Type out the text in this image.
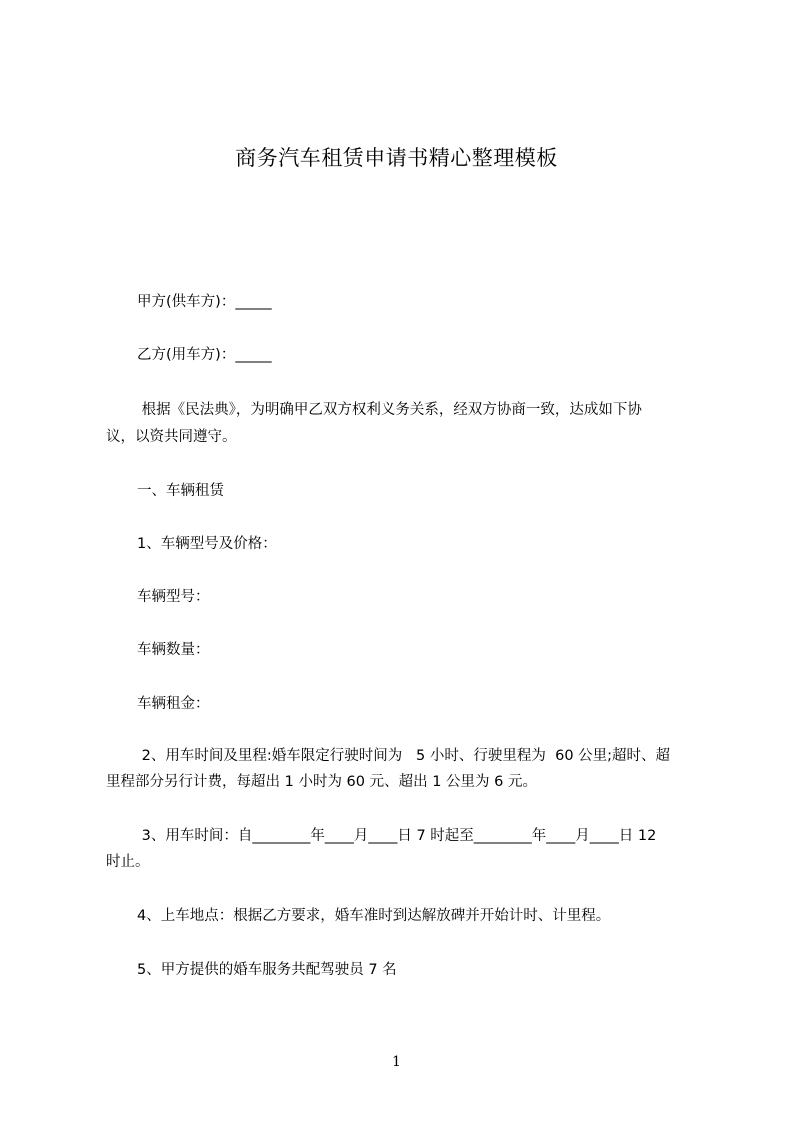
商务汽车租赁申请书精心整理模板
甲方(供车方)：_____
乙方(用车方)：_____
根据《民法典》，为明确甲乙双方权利义务关系，经双方协商一致，达成如下协
议，以资共同遵守。
一、车辆租赁
1、车辆型号及价格：
车辆型号：
车辆数量：
车辆租金：
2、用车时间及里程:婚车限定行驶时间为   5 小时、行驶里程为  60 公里;超时、超
里程部分另行计费，每超出 1 小时为 60 元、超出 1 公里为 6 元。
3、用车时间：自________年____月____日 7 时起至________年____月____日 12
时止。
4、上车地点：根据乙方要求，婚车准时到达解放碑并开始计时、计里程。
5、甲方提供的婚车服务共配驾驶员 7 名
1
